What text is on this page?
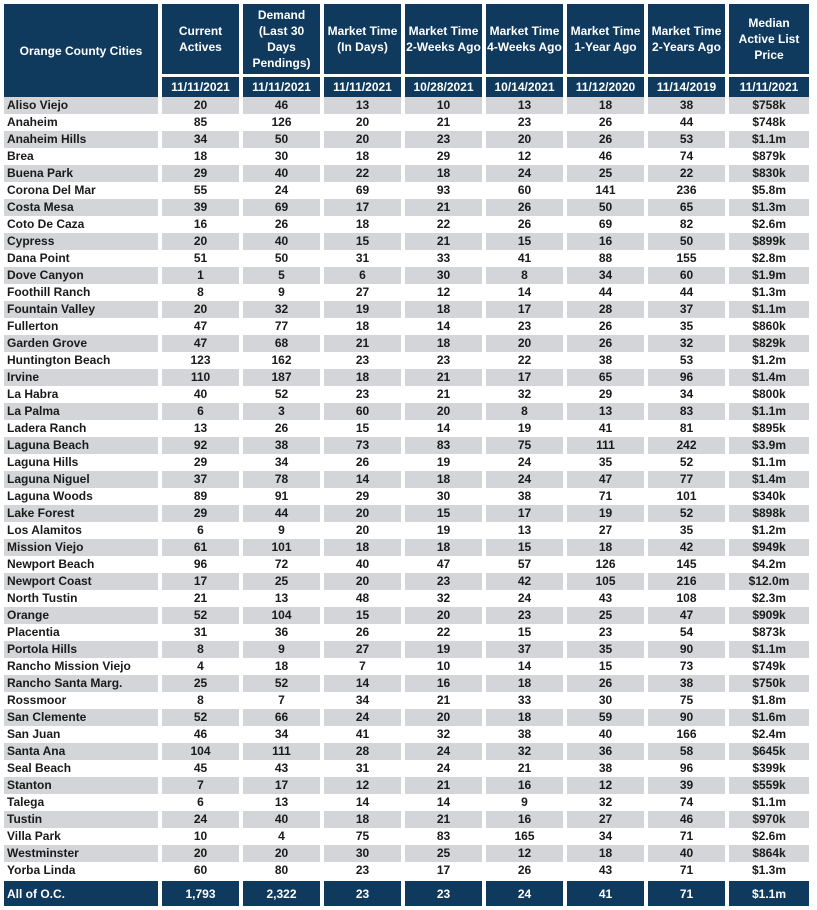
Orange County Cities	Current Actives	Demand (Last 30 Days Pendings)	Market Time (In Days)	Market Time 2-Weeks Ago	Market Time 4-Weeks Ago	Market Time 1-Year Ago	Market Time 2-Years Ago	Median Active List Price
	11/11/2021	11/11/2021	11/11/2021	10/28/2021	10/14/2021	11/12/2020	11/14/2019	11/11/2021
Aliso Viejo	20	46	13	10	13	18	38	$758k
Anaheim	85	126	20	21	23	26	44	$748k
Anaheim Hills	34	50	20	23	20	26	53	$1.1m
Brea	18	30	18	29	12	46	74	$879k
Buena Park	29	40	22	18	24	25	22	$830k
Corona Del Mar	55	24	69	93	60	141	236	$5.8m
Costa Mesa	39	69	17	21	26	50	65	$1.3m
Coto De Caza	16	26	18	22	26	69	82	$2.6m
Cypress	20	40	15	21	15	16	50	$899k
Dana Point	51	50	31	33	41	88	155	$2.8m
Dove Canyon	1	5	6	30	8	34	60	$1.9m
Foothill Ranch	8	9	27	12	14	44	44	$1.3m
Fountain Valley	20	32	19	18	17	28	37	$1.1m
Fullerton	47	77	18	14	23	26	35	$860k
Garden Grove	47	68	21	18	20	26	32	$829k
Huntington Beach	123	162	23	23	22	38	53	$1.2m
Irvine	110	187	18	21	17	65	96	$1.4m
La Habra	40	52	23	21	32	29	34	$800k
La Palma	6	3	60	20	8	13	83	$1.1m
Ladera Ranch	13	26	15	14	19	41	81	$895k
Laguna Beach	92	38	73	83	75	111	242	$3.9m
Laguna Hills	29	34	26	19	24	35	52	$1.1m
Laguna Niguel	37	78	14	18	24	47	77	$1.4m
Laguna Woods	89	91	29	30	38	71	101	$340k
Lake Forest	29	44	20	15	17	19	52	$898k
Los Alamitos	6	9	20	19	13	27	35	$1.2m
Mission Viejo	61	101	18	18	15	18	42	$949k
Newport Beach	96	72	40	47	57	126	145	$4.2m
Newport Coast	17	25	20	23	42	105	216	$12.0m
North Tustin	21	13	48	32	24	43	108	$2.3m
Orange	52	104	15	20	23	25	47	$909k
Placentia	31	36	26	22	15	23	54	$873k
Portola Hills	8	9	27	19	37	35	90	$1.1m
Rancho Mission Viejo	4	18	7	10	14	15	73	$749k
Rancho Santa Marg.	25	52	14	16	18	26	38	$750k
Rossmoor	8	7	34	21	33	30	75	$1.8m
San Clemente	52	66	24	20	18	59	90	$1.6m
San Juan	46	34	41	32	38	40	166	$2.4m
Santa Ana	104	111	28	24	32	36	58	$645k
Seal Beach	45	43	31	24	21	38	96	$399k
Stanton	7	17	12	21	16	12	39	$559k
Talega	6	13	14	14	9	32	74	$1.1m
Tustin	24	40	18	21	16	27	46	$970k
Villa Park	10	4	75	83	165	34	71	$2.6m
Westminster	20	20	30	25	12	18	40	$864k
Yorba Linda	60	80	23	17	26	43	71	$1.3m
All of O.C.	1,793	2,322	23	23	24	41	71	$1.1m
